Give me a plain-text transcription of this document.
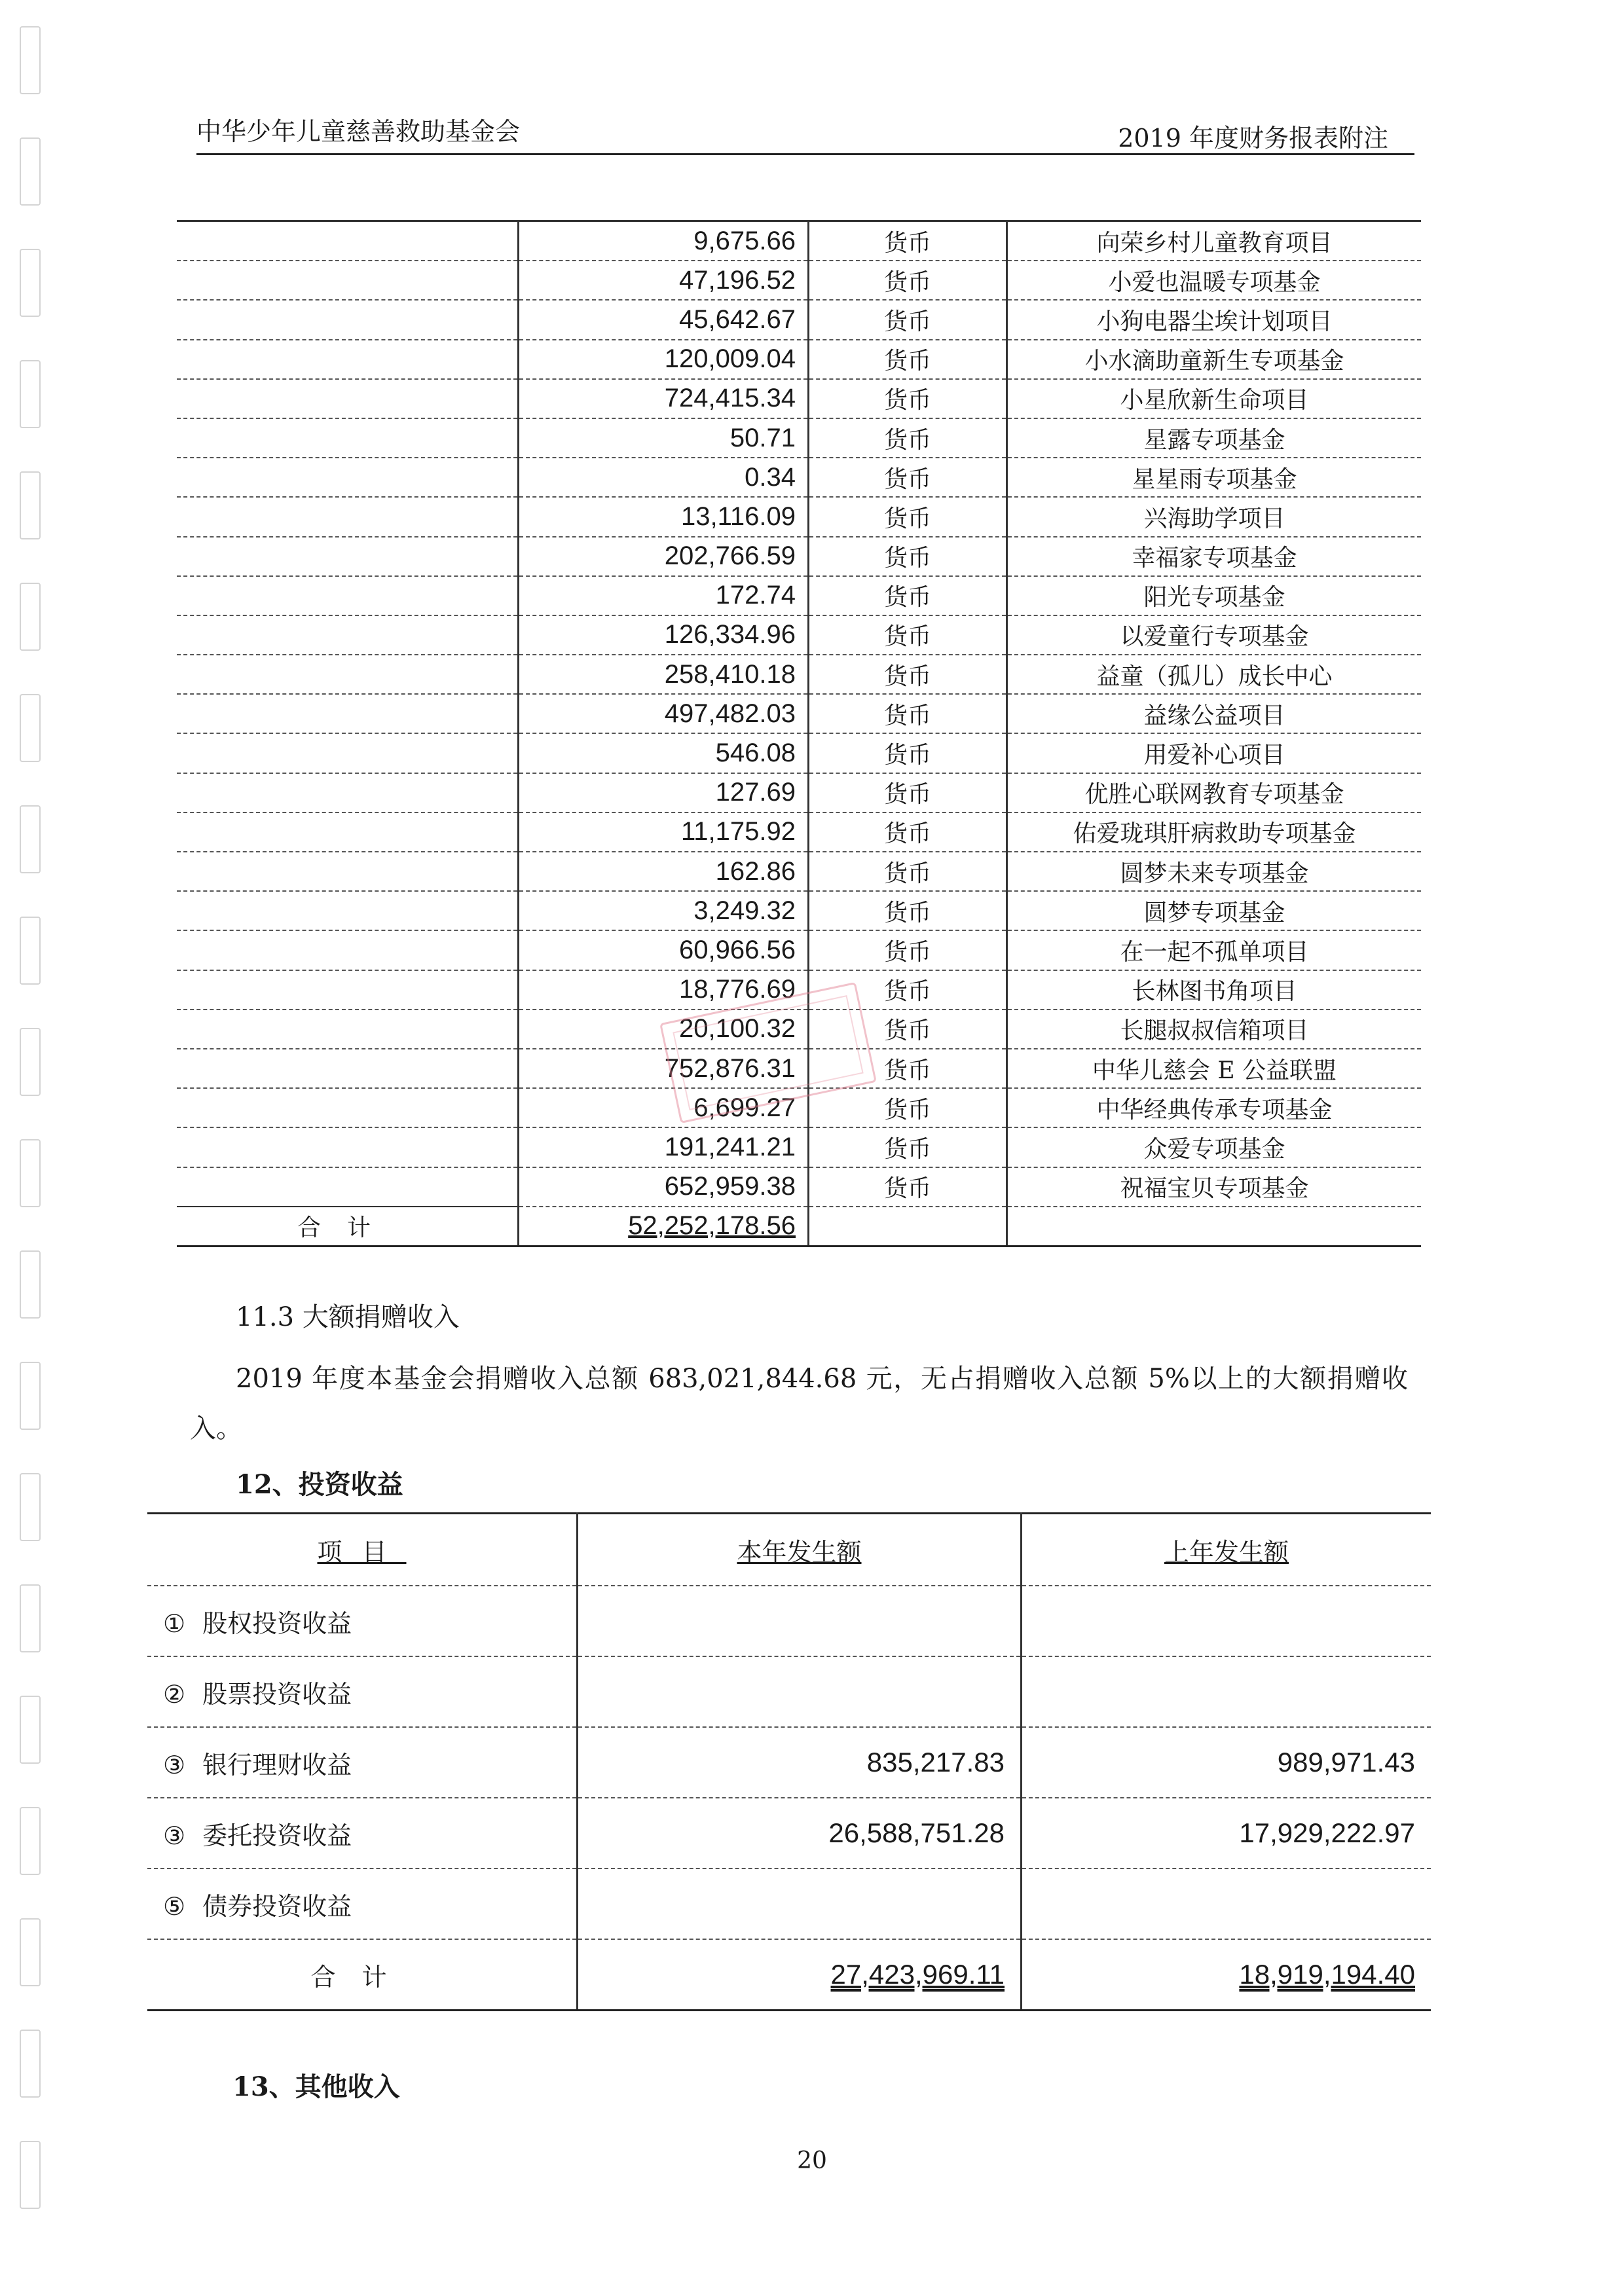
中华少年儿童慈善救助基金会	2019 年度财务报表附注
	9,675.66	货币	向荣乡村儿童教育项目
	47,196.52	货币	小爱也温暖专项基金
	45,642.67	货币	小狗电器尘埃计划项目
	120,009.04	货币	小水滴助童新生专项基金
	724,415.34	货币	小星欣新生命项目
	50.71	货币	星露专项基金
	0.34	货币	星星雨专项基金
	13,116.09	货币	兴海助学项目
	202,766.59	货币	幸福家专项基金
	172.74	货币	阳光专项基金
	126,334.96	货币	以爱童行专项基金
	258,410.18	货币	益童（孤儿）成长中心
	497,482.03	货币	益缘公益项目
	546.08	货币	用爱补心项目
	127.69	货币	优胜心联网教育专项基金
	11,175.92	货币	佑爱珑琪肝病救助专项基金
	162.86	货币	圆梦未来专项基金
	3,249.32	货币	圆梦专项基金
	60,966.56	货币	在一起不孤单项目
	18,776.69	货币	长林图书角项目
	20,100.32	货币	长腿叔叔信箱项目
	752,876.31	货币	中华儿慈会 E 公益联盟
	6,699.27	货币	中华经典传承专项基金
	191,241.21	货币	众爱专项基金
	652,959.38	货币	祝福宝贝专项基金
合计	52,252,178.56		
11.3 大额捐赠收入
2019 年度本基金会捐赠收入总额 683,021,844.68 元，无占捐赠收入总额 5%以上的大额捐赠收入。
12、投资收益
项目	本年发生额	上年发生额
① 股权投资收益		
② 股票投资收益		
③ 银行理财收益	835,217.83	989,971.43
③ 委托投资收益	26,588,751.28	17,929,222.97
⑤ 债券投资收益		
合计	27,423,969.11	18,919,194.40
13、其他收入
20
